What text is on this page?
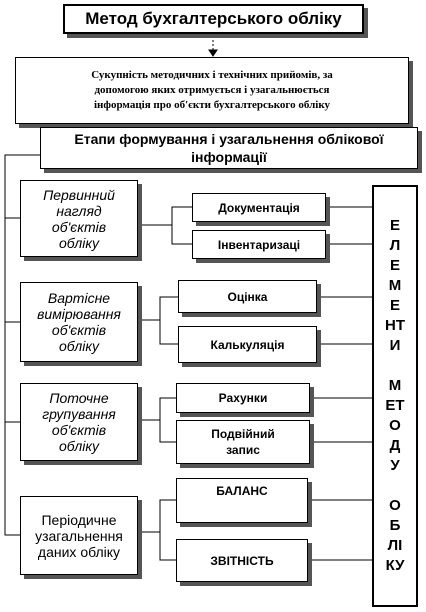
Метод бухгалтерського обліку
Сукупність методичних і технічних прийомів, за
допомогою яких отримується і узагальнюється
інформація про об'єкти бухгалтерського обліку
Етапи формування і узагальнення облікової
інформації
Первинний
нагляд
об'єктів
обліку
Вартісне
вимірювання
об'єктів
обліку
Поточне
групування
об'єктів
обліку
Періодичне
узагальнення
даних обліку
Документація
Інвентаризаці
Оцінка
Калькуляція
Рахунки
Подвійний
запис
БАЛАНС
ЗВІТНІСТЬ
ЕЛЕМЕНТИ
МЕТОДУ
ОБЛІКУ
